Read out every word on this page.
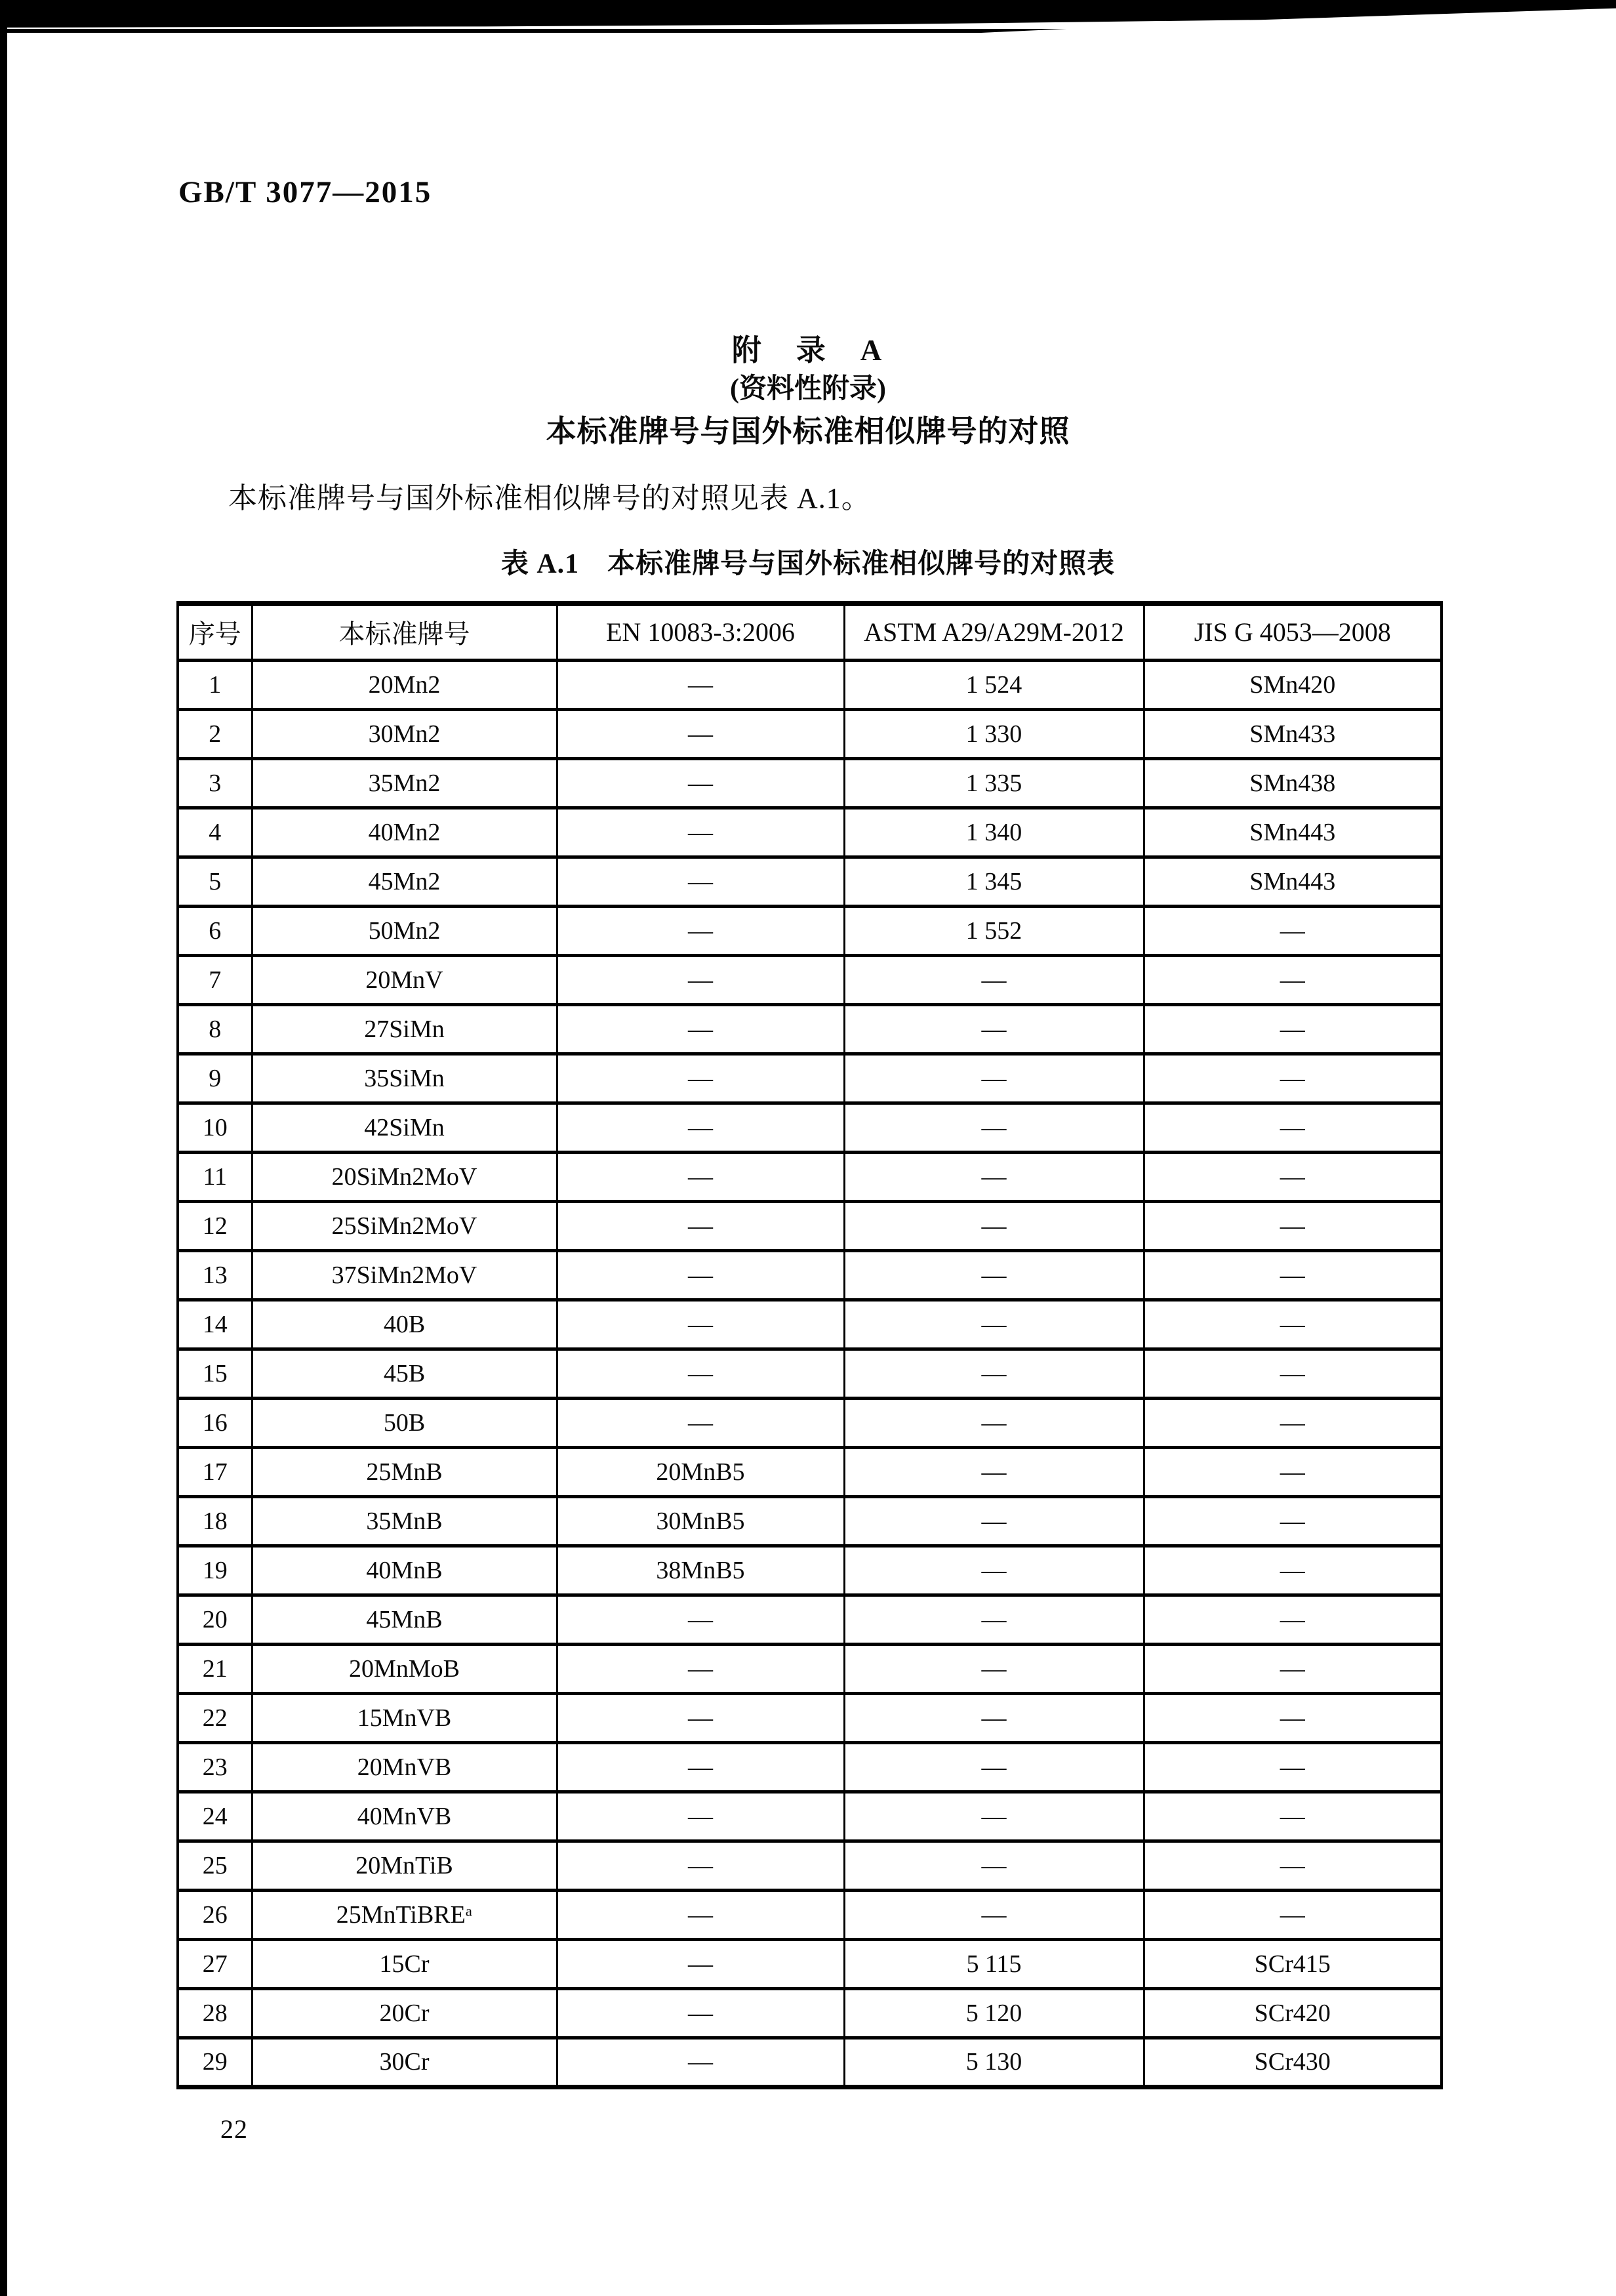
GB/T 3077—2015
附　录　A
(资料性附录)
本标准牌号与国外标准相似牌号的对照
本标准牌号与国外标准相似牌号的对照见表 A.1。
表 A.1　本标准牌号与国外标准相似牌号的对照表
序号	本标准牌号	EN 10083-3:2006	ASTM A29/A29M-2012	JIS G 4053—2008
1	20Mn2	—	1 524	SMn420
2	30Mn2	—	1 330	SMn433
3	35Mn2	—	1 335	SMn438
4	40Mn2	—	1 340	SMn443
5	45Mn2	—	1 345	SMn443
6	50Mn2	—	1 552	—
7	20MnV	—	—	—
8	27SiMn	—	—	—
9	35SiMn	—	—	—
10	42SiMn	—	—	—
11	20SiMn2MoV	—	—	—
12	25SiMn2MoV	—	—	—
13	37SiMn2MoV	—	—	—
14	40B	—	—	—
15	45B	—	—	—
16	50B	—	—	—
17	25MnB	20MnB5	—	—
18	35MnB	30MnB5	—	—
19	40MnB	38MnB5	—	—
20	45MnB	—	—	—
21	20MnMoB	—	—	—
22	15MnVB	—	—	—
23	20MnVB	—	—	—
24	40MnVB	—	—	—
25	20MnTiB	—	—	—
26	25MnTiBREᵃ	—	—	—
27	15Cr	—	5 115	SCr415
28	20Cr	—	5 120	SCr420
29	30Cr	—	5 130	SCr430
22
